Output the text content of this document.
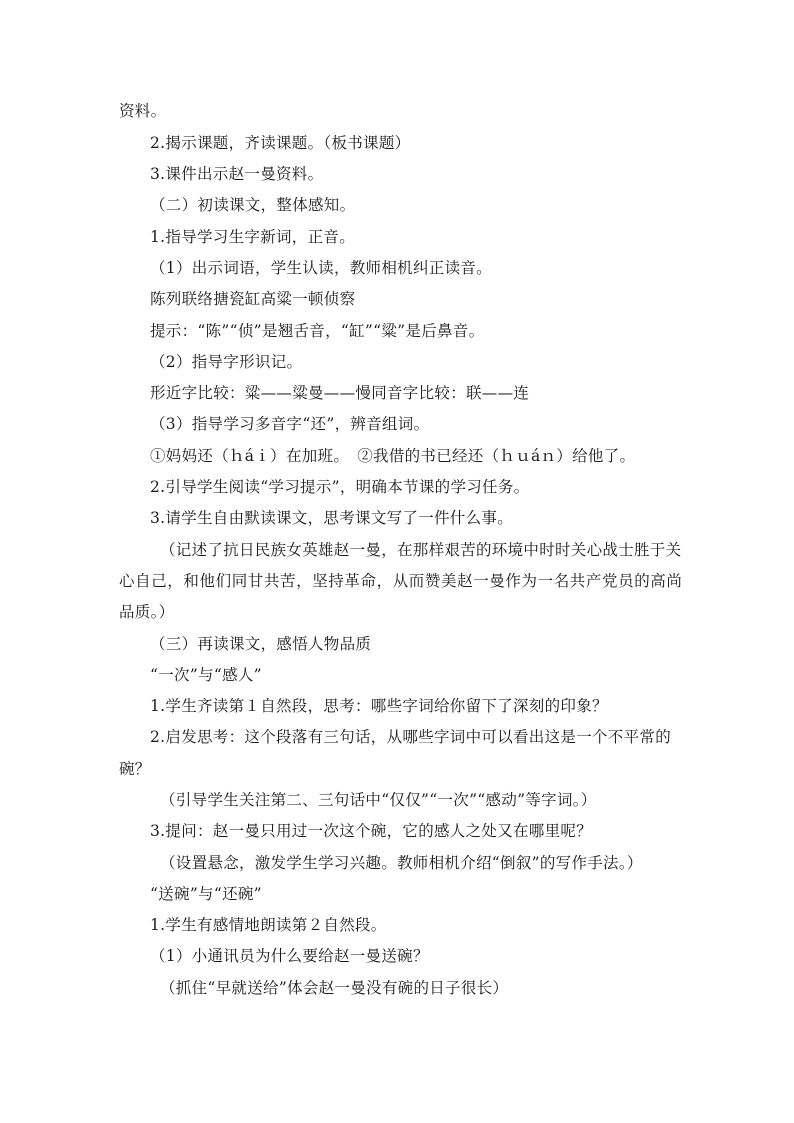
资料。
2.揭示课题，齐读课题。（板书课题）
3.课件出示赵一曼资料。
（二）初读课文，整体感知。
1.指导学习生字新词，正音。
（1）出示词语，学生认读，教师相机纠正读音。
陈列联络搪瓷缸高粱一顿侦察
提示：“陈”“侦”是翘舌音，“缸”“粱”是后鼻音。
（2）指导字形识记。
形近字比较：粱——粱曼——慢同音字比较：联——连
（3）指导学习多音字“还”，辨音组词。
①妈妈还（ｈáｉ）在加班。　②我借的书已经还（ｈｕáｎ）给他了。
2.引导学生阅读“学习提示”，明确本节课的学习任务。
3.请学生自由默读课文，思考课文写了一件什么事。
（记述了抗日民族女英雄赵一曼，在那样艰苦的环境中时时关心战士胜于关
心自己，和他们同甘共苦，坚持革命，从而赞美赵一曼作为一名共产党员的高尚
品质。）
（三）再读课文，感悟人物品质
“一次”与“感人”
1.学生齐读第１自然段，思考：哪些字词给你留下了深刻的印象？
2.启发思考：这个段落有三句话，从哪些字词中可以看出这是一个不平常的
碗？
（引导学生关注第二、三句话中“仅仅”“一次”“感动”等字词。）
3.提问：赵一曼只用过一次这个碗，它的感人之处又在哪里呢？
（设置悬念，激发学生学习兴趣。教师相机介绍“倒叙”的写作手法。）
“送碗”与“还碗”
1.学生有感情地朗读第２自然段。
（1）小通讯员为什么要给赵一曼送碗？
（抓住“早就送给”体会赵一曼没有碗的日子很长）
